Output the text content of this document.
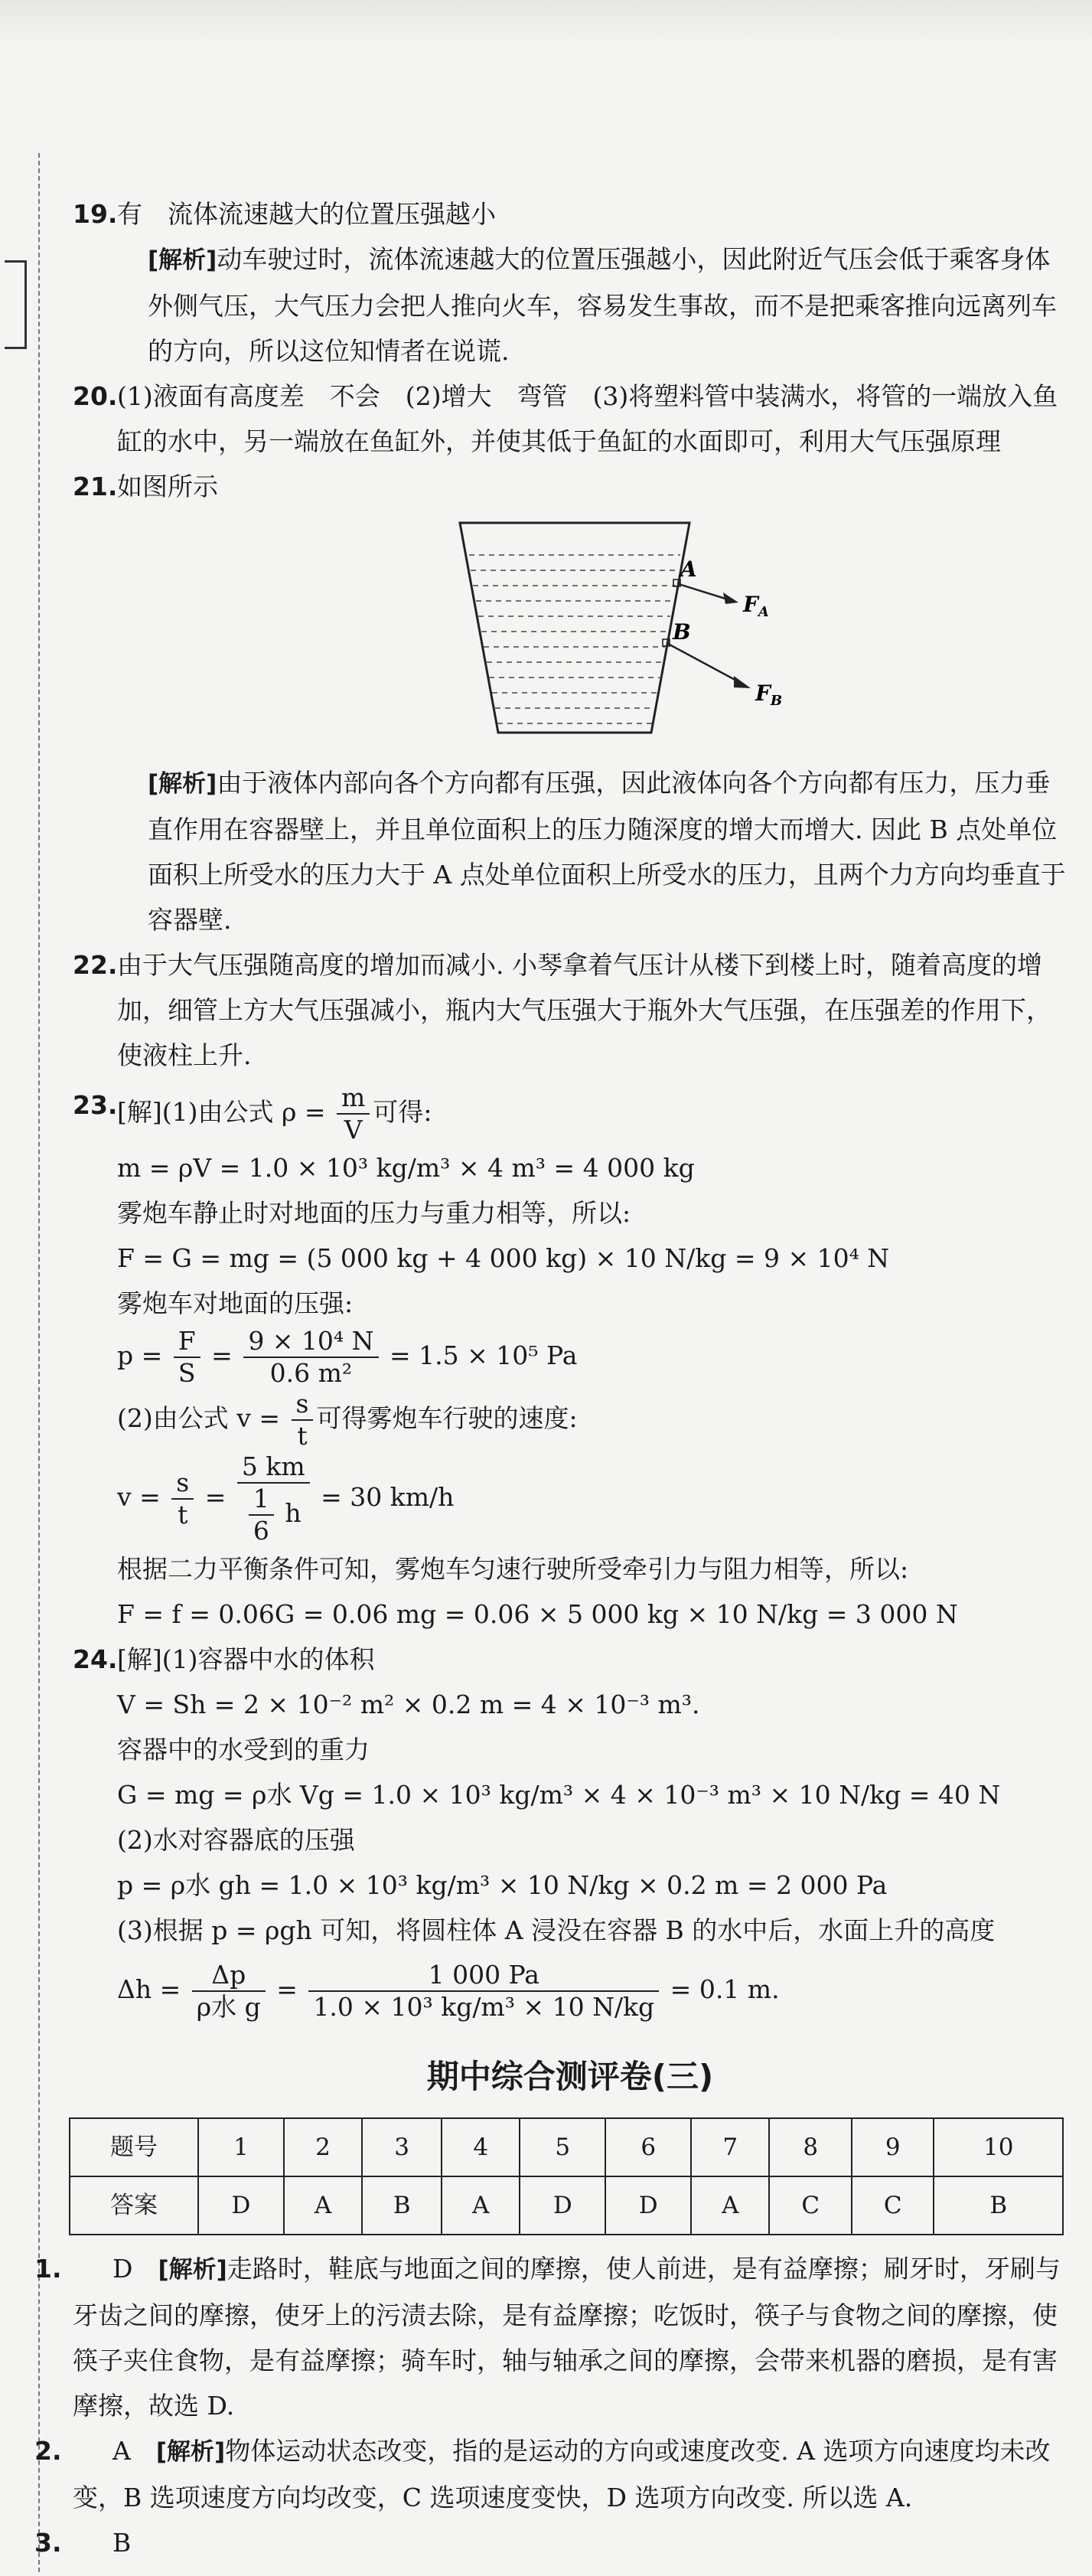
19. 有　流体流速越大的位置压强越小
[解析]动车驶过时，流体流速越大的位置压强越小，因此附近气压会低于乘客身体外侧气压，大气压力会把人推向火车，容易发生事故，而不是把乘客推向远离列车的方向，所以这位知情者在说谎.
20. (1)液面有高度差　不会　(2)增大　弯管　(3)将塑料管中装满水，将管的一端放入鱼缸的水中，另一端放在鱼缸外，并使其低于鱼缸的水面即可，利用大气压强原理
21. 如图所示
A
B
$F_A$
$F_B$
[解析]由于液体内部向各个方向都有压强，因此液体向各个方向都有压力，压力垂直作用在容器壁上，并且单位面积上的压力随深度的增大而增大. 因此 B 点处单位面积上所受水的压力大于 A 点处单位面积上所受水的压力，且两个力方向均垂直于容器壁.
22. 由于大气压强随高度的增加而减小. 小琴拿着气压计从楼下到楼上时，随着高度的增加，细管上方大气压强减小，瓶内大气压强大于瓶外大气压强，在压强差的作用下，使液柱上升.
23. [解](1)由公式 $\rho = \frac{m}{V}$ 可得:
m = ρV = 1.0 × 10³ kg/m³ × 4 m³ = 4 000 kg
雾炮车静止时对地面的压力与重力相等，所以:
F = G = mg = (5 000 kg + 4 000 kg) × 10 N/kg = 9 × 10⁴ N
雾炮车对地面的压强:
$p = \frac{F}{S} = \frac{\text{9 × 10⁴ N}}{\text{0.6 m²}} = 1.5 \times 10^5$ Pa
(2)由公式 $v = \frac{s}{t}$ 可得雾炮车行驶的速度:
$v = \frac{s}{t} = \frac{5 km}{\frac{1}{6} h} = 30$ km/h
根据二力平衡条件可知，雾炮车匀速行驶所受牵引力与阻力相等，所以:
F = f = 0.06G = 0.06 mg = 0.06 × 5 000 kg × 10 N/kg = 3 000 N
24. [解](1)容器中水的体积
V = Sh = 2 × 10⁻² m² × 0.2 m = 4 × 10⁻³ m³.
容器中的水受到的重力
G = mg = ρ水 Vg = 1.0 × 10³ kg/m³ × 4 × 10⁻³ m³ × 10 N/kg = 40 N
(2)水对容器底的压强
p = ρ水 gh = 1.0 × 10³ kg/m³ × 10 N/kg × 0.2 m = 2 000 Pa
(3)根据 p = ρgh 可知，将圆柱体 A 浸没在容器 B 的水中后，水面上升的高度
$\Delta h = \frac{\Delta p}{\text{ρ水 g}} = \frac{1 000 Pa}{\text{1.0 × 10³ kg/m³ × 10 N/kg}} = 0.1$ m.
期中综合测评卷(三)
题号	1	2	3	4	5	6	7	8	9	10
答案	D	A	B	A	D	D	A	C	C	B
1.	D　 [解析]走路时，鞋底与地面之间的摩擦，使人前进，是有益摩擦；刷牙时，牙刷与牙齿之间的摩擦，使牙上的污渍去除，是有益摩擦；吃饭时，筷子与食物之间的摩擦，使筷子夹住食物，是有益摩擦；骑车时，轴与轴承之间的摩擦，会带来机器的磨损，是有害摩擦，故选 D.
2.	A　 [解析]物体运动状态改变，指的是运动的方向或速度改变. A 选项方向速度均未改变，B 选项速度方向均改变，C 选项速度变快，D 选项方向改变. 所以选 A.
3. B
